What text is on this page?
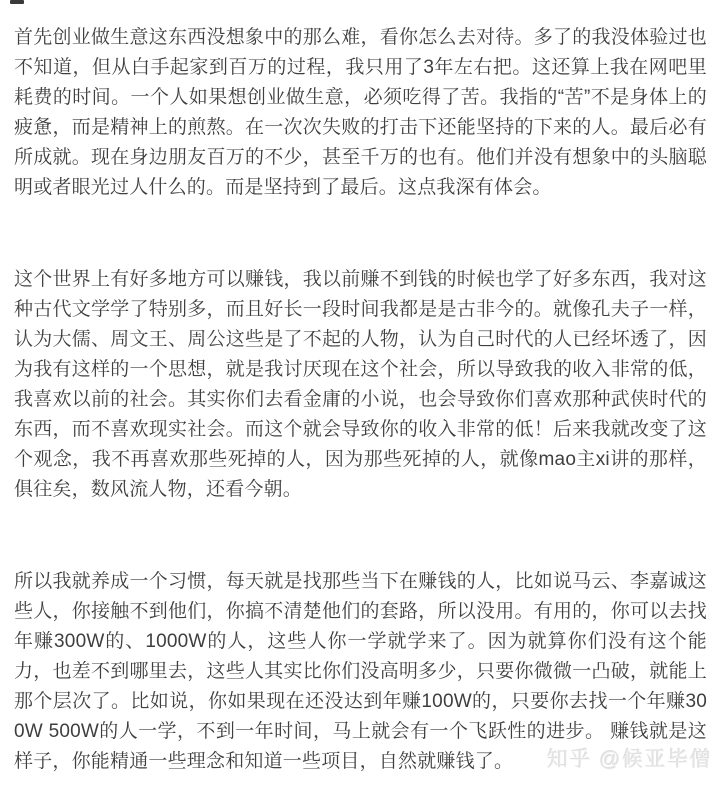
首先创业做生意这东西没想象中的那么难，看你怎么去对待。多了的我没体验过也不知道，但从白手起家到百万的过程，我只用了3年左右把。这还算上我在网吧里耗费的时间。一个人如果想创业做生意，必须吃得了苦。我指的“苦”不是身体上的疲惫，而是精神上的煎熬。在一次次失败的打击下还能坚持的下来的人。最后必有所成就。现在身边朋友百万的不少，甚至千万的也有。他们并没有想象中的头脑聪明或者眼光过人什么的。而是坚持到了最后。这点我深有体会。

这个世界上有好多地方可以赚钱，我以前赚不到钱的时候也学了好多东西，我对这种古代文学学了特别多，而且好长一段时间我都是是古非今的。就像孔夫子一样，认为大儒、周文王、周公这些是了不起的人物，认为自己时代的人已经坏透了，因为我有这样的一个思想，就是我讨厌现在这个社会，所以导致我的收入非常的低，我喜欢以前的社会。其实你们去看金庸的小说，也会导致你们喜欢那种武侠时代的东西，而不喜欢现实社会。而这个就会导致你的收入非常的低！后来我就改变了这个观念，我不再喜欢那些死掉的人，因为那些死掉的人，就像mao主xi讲的那样，俱往矣，数风流人物，还看今朝。

所以我就养成一个习惯，每天就是找那些当下在赚钱的人，比如说马云、李嘉诚这些人，你接触不到他们，你搞不清楚他们的套路，所以没用。有用的，你可以去找年赚300W的、1000W的人，这些人你一学就学来了。因为就算你们没有这个能力，也差不到哪里去，这些人其实比你们没高明多少，只要你微微一凸破，就能上那个层次了。比如说，你如果现在还没达到年赚100W的，只要你去找一个年赚300W 500W的人一学，不到一年时间，马上就会有一个飞跃性的进步。 赚钱就是这样子，你能精通一些理念和知道一些项目，自然就赚钱了。	知乎 @候亚毕僧
